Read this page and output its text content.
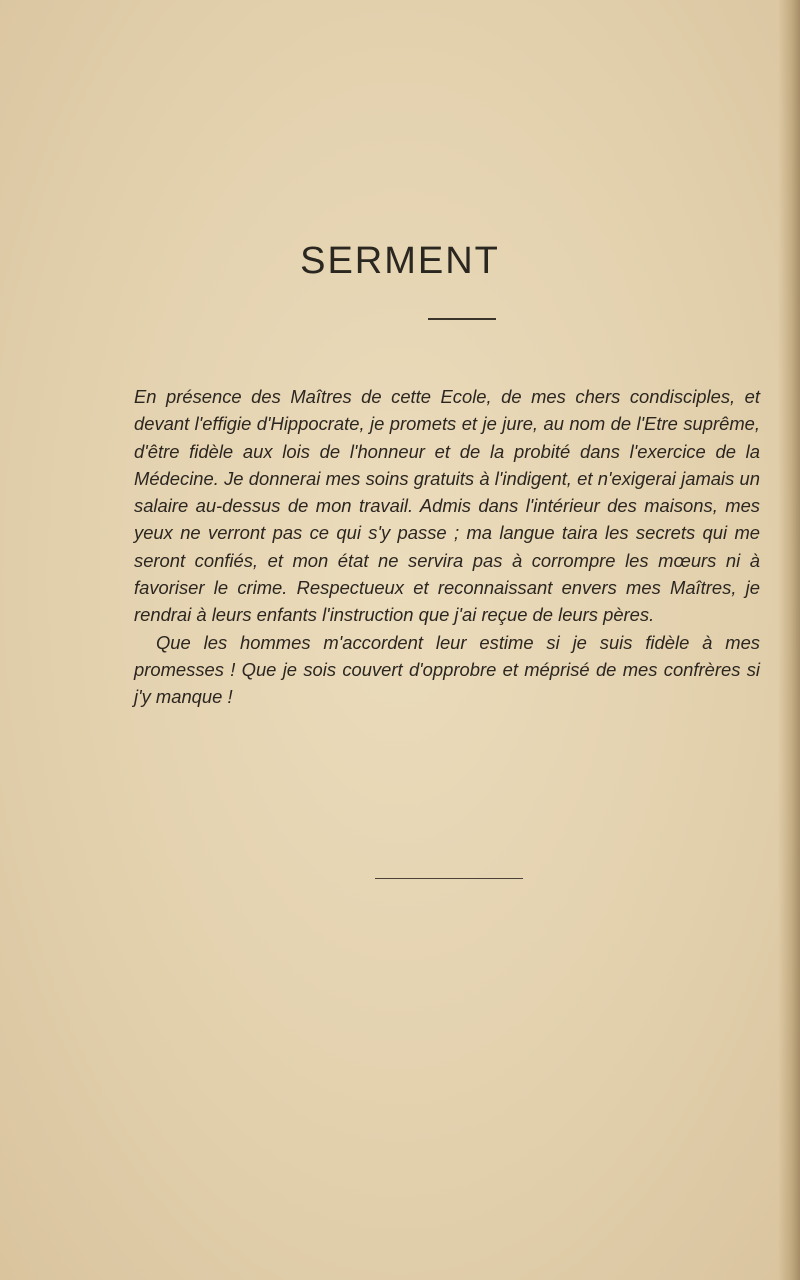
SERMENT

En présence des Maîtres de cette Ecole, de mes chers condisciples, et devant l'effigie d'Hippocrate, je promets et je jure, au nom de l'Etre suprême, d'être fidèle aux lois de l'honneur et de la probité dans l'exercice de la Médecine. Je donnerai mes soins gratuits à l'indigent, et n'exigerai jamais un salaire au-dessus de mon travail. Admis dans l'intérieur des maisons, mes yeux ne verront pas ce qui s'y passe ; ma langue taira les secrets qui me seront confiés, et mon état ne servira pas à corrompre les mœurs ni à favoriser le crime. Respectueux et reconnaissant envers mes Maîtres, je rendrai à leurs enfants l'instruction que j'ai reçue de leurs pères.

Que les hommes m'accordent leur estime si je suis fidèle à mes promesses ! Que je sois couvert d'opprobre et méprisé de mes confrères si j'y manque !
